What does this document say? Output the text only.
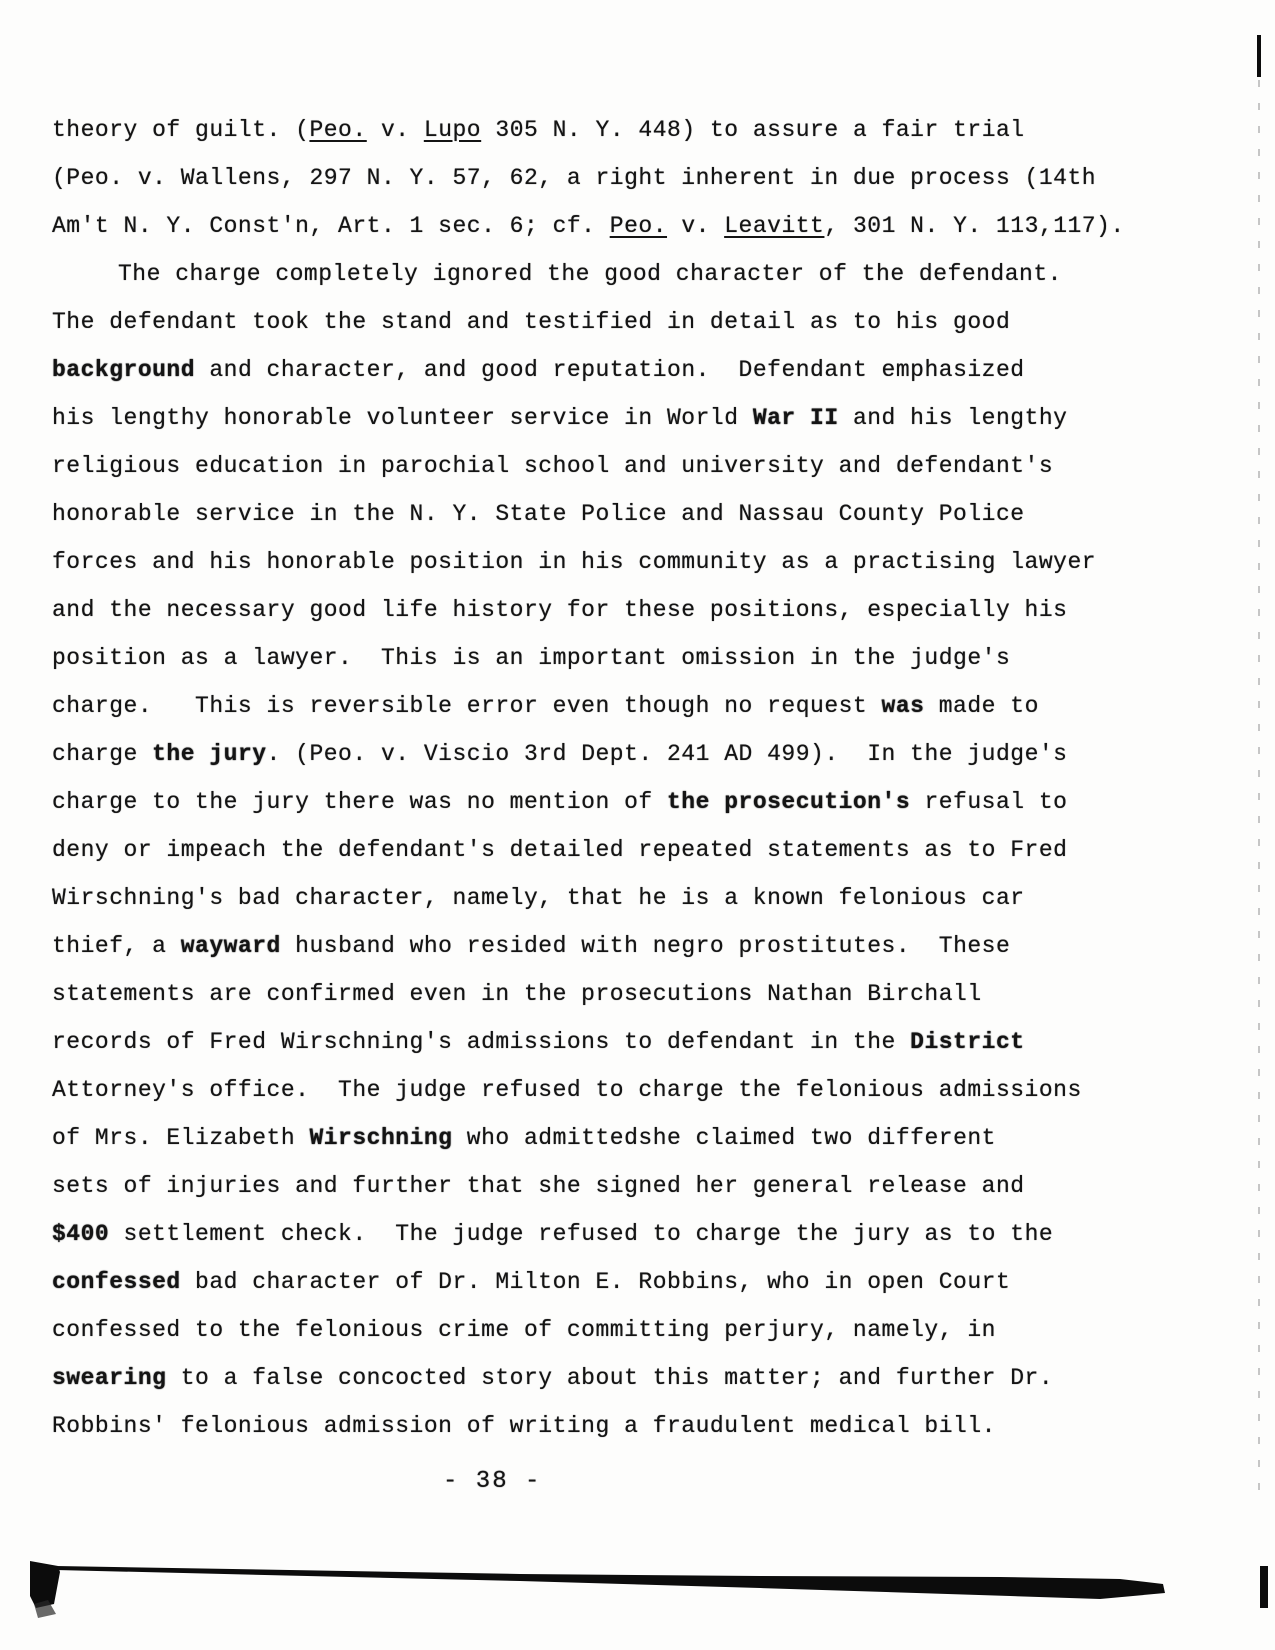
theory of guilt. (Peo. v. Lupo 305 N. Y. 448) to assure a fair trial
(Peo. v. Wallens, 297 N. Y. 57, 62, a right inherent in due process (14th
Am't N. Y. Const'n, Art. 1 sec. 6; cf. Peo. v. Leavitt, 301 N. Y. 113,117).
The charge completely ignored the good character of the defendant.
The defendant took the stand and testified in detail as to his good
background and character, and good reputation.  Defendant emphasized
his lengthy honorable volunteer service in World War II and his lengthy
religious education in parochial school and university and defendant's
honorable service in the N. Y. State Police and Nassau County Police
forces and his honorable position in his community as a practising lawyer
and the necessary good life history for these positions, especially his
position as a lawyer.  This is an important omission in the judge's
charge.   This is reversible error even though no request was made to
charge the jury. (Peo. v. Viscio 3rd Dept. 241 AD 499).  In the judge's
charge to the jury there was no mention of the prosecution's refusal to
deny or impeach the defendant's detailed repeated statements as to Fred
Wirschning's bad character, namely, that he is a known felonious car
thief, a wayward husband who resided with negro prostitutes.  These
statements are confirmed even in the prosecutions Nathan Birchall
records of Fred Wirschning's admissions to defendant in the District
Attorney's office.  The judge refused to charge the felonious admissions
of Mrs. Elizabeth Wirschning who admittedshe claimed two different
sets of injuries and further that she signed her general release and
$400 settlement check.  The judge refused to charge the jury as to the
confessed bad character of Dr. Milton E. Robbins, who in open Court
confessed to the felonious crime of committing perjury, namely, in
swearing to a false concocted story about this matter; and further Dr.
Robbins' felonious admission of writing a fraudulent medical bill.
- 38 -
